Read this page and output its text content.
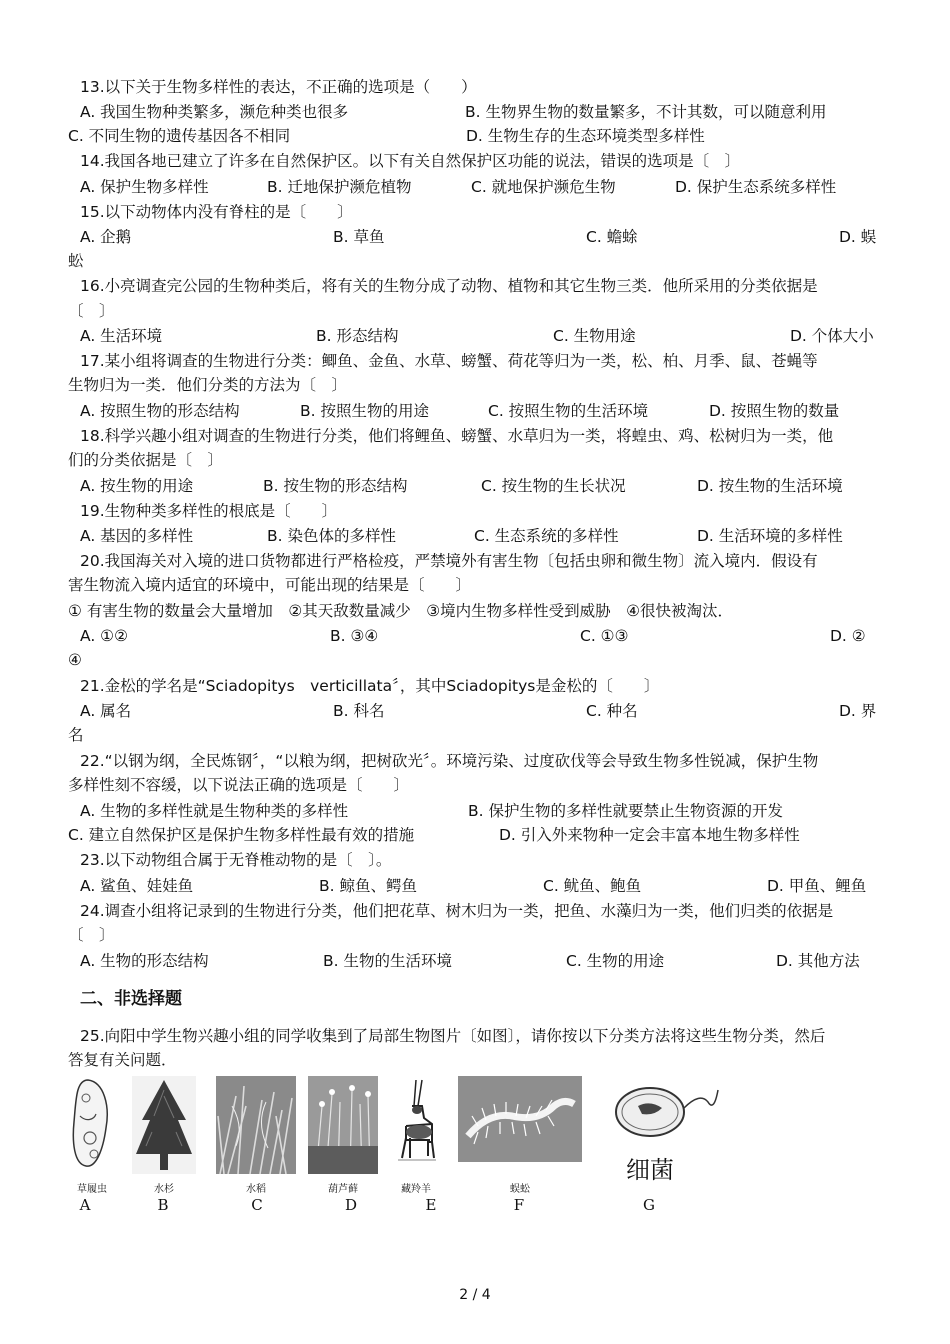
13.以下关于生物多样性的表达，不正确的选项是（　　）
A. 我国生物种类繁多，濒危种类也很多	B. 生物界生物的数量繁多，不计其数，可以随意利用
C. 不同生物的遗传基因各不相同	D. 生物生存的生态环境类型多样性
14.我国各地已建立了许多在自然保护区。以下有关自然保护区功能的说法，错误的选项是〔　〕
A. 保护生物多样性	B. 迁地保护濒危植物	C. 就地保护濒危生物	D. 保护生态系统多样性
15.以下动物体内没有脊柱的是〔　　〕
A. 企鹅	B. 草鱼	C. 蟾蜍	D. 蜈
蚣
16.小亮调查完公园的生物种类后，将有关的生物分成了动物、植物和其它生物三类．他所采用的分类依据是
〔　〕
A. 生活环境	B. 形态结构	C. 生物用途	D. 个体大小
17.某小组将调查的生物进行分类：鲫鱼、金鱼、水草、螃蟹、荷花等归为一类，松、柏、月季、鼠、苍蝇等
生物归为一类．他们分类的方法为〔　〕
A. 按照生物的形态结构	B. 按照生物的用途	C. 按照生物的生活环境	D. 按照生物的数量
18.科学兴趣小组对调查的生物进行分类，他们将鲤鱼、螃蟹、水草归为一类，将蝗虫、鸡、松树归为一类，他
们的分类依据是〔　〕
A. 按生物的用途	B. 按生物的形态结构	C. 按生物的生长状况	D. 按生物的生活环境
19.生物种类多样性的根底是〔　　〕
A. 基因的多样性	B. 染色体的多样性	C. 生态系统的多样性	D. 生活环境的多样性
20.我国海关对入境的进口货物都进行严格检疫，严禁境外有害生物〔包括虫卵和微生物〕流入境内．假设有
害生物流入境内适宜的环境中，可能出现的结果是〔　　〕
① 有害生物的数量会大量增加　②其天敌数量减少　③境内生物多样性受到威胁　④很快被淘汰．
A. ①②	B. ③④	C. ①③	D. ②
④
21.金松的学名是“Sciadopitys　verticillata〞，其中Sciadopitys是金松的〔　　〕
A. 属名	B. 科名	C. 种名	D. 界
名
22.“以钢为纲，全民炼钢〞，“以粮为纲，把树砍光〞。环境污染、过度砍伐等会导致生物多性锐减，保护生物
多样性刻不容缓，以下说法正确的选项是〔　　〕
A. 生物的多样性就是生物种类的多样性	B. 保护生物的多样性就要禁止生物资源的开发
C. 建立自然保护区是保护生物多样性最有效的措施	D. 引入外来物种一定会丰富本地生物多样性
23.以下动物组合属于无脊椎动物的是〔　〕。
A. 鲨鱼、娃娃鱼	B. 鲸鱼、鳄鱼	C. 鱿鱼、鲍鱼	D. 甲鱼、鲤鱼
24.调查小组将记录到的生物进行分类，他们把花草、树木归为一类，把鱼、水藻归为一类，他们归类的依据是
〔　〕
A. 生物的形态结构	B. 生物的生活环境	C. 生物的用途	D. 其他方法
二、非选择题
25.向阳中学生物兴趣小组的同学收集到了局部生物图片〔如图〕，请你按以下分类方法将这些生物分类，然后
答复有关问题．
细菌
草履虫	水杉	水稻	葫芦藓	藏羚羊	蜈蚣
A	B	C	D	E	F	G
2 / 4
